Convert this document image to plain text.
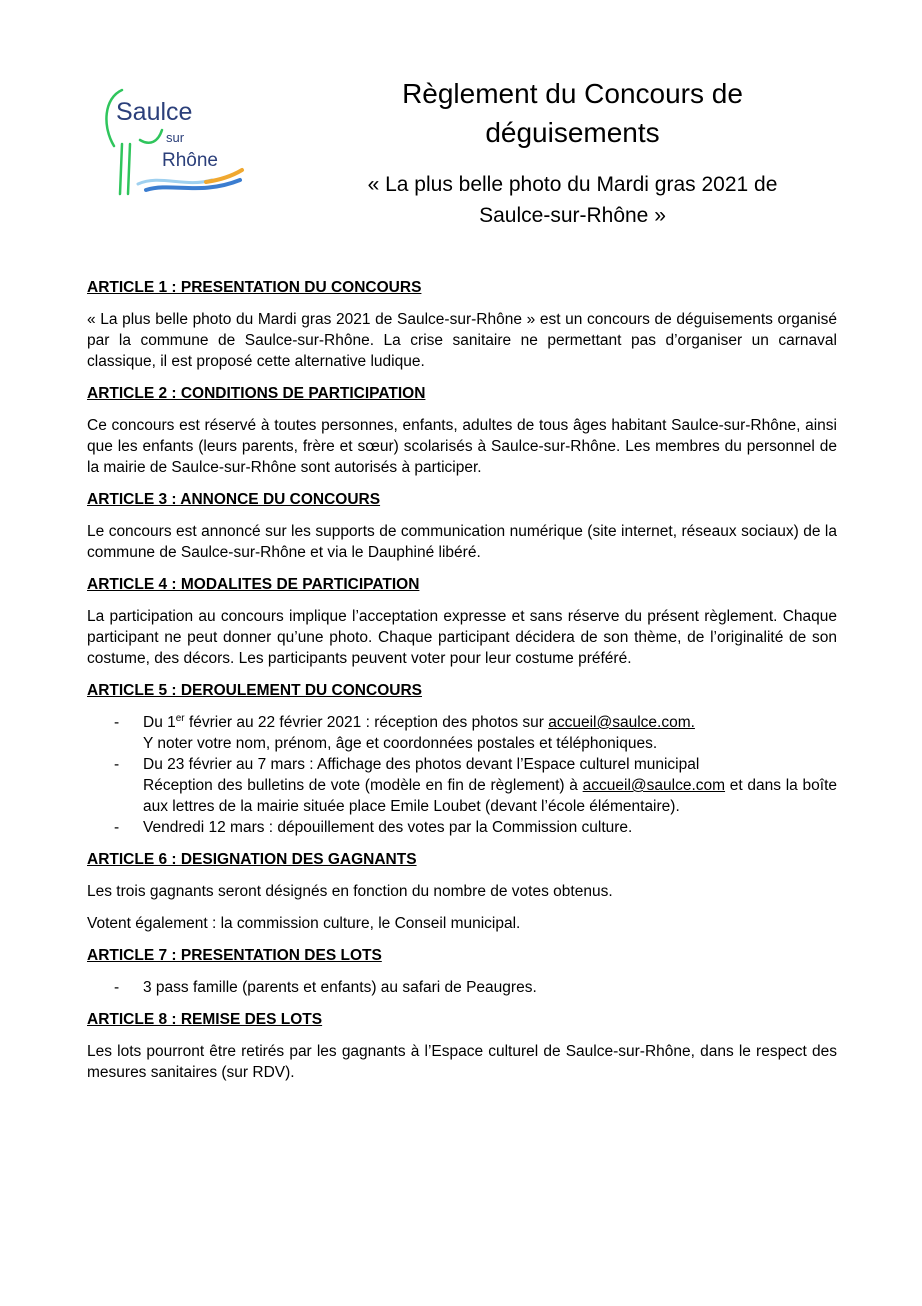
Saulce
sur
Rhône
Règlement du Concours de
déguisements
« La plus belle photo du Mardi gras 2021 de
Saulce-sur-Rhône »
ARTICLE 1 : PRESENTATION DU CONCOURS

« La plus belle photo du Mardi gras 2021 de Saulce-sur-Rhône » est un concours de déguisements organisé par la commune de Saulce-sur-Rhône. La crise sanitaire ne permettant pas d’organiser un carnaval classique, il est proposé cette alternative ludique.

ARTICLE 2 : CONDITIONS DE PARTICIPATION

Ce concours est réservé à toutes personnes, enfants, adultes de tous âges habitant Saulce-sur-Rhône, ainsi que les enfants (leurs parents, frère et sœur) scolarisés à Saulce-sur-Rhône. Les membres du personnel de la mairie de Saulce-sur-Rhône sont autorisés à participer.

ARTICLE 3 : ANNONCE DU CONCOURS

Le concours est annoncé sur les supports de communication numérique (site internet, réseaux sociaux) de la commune de Saulce-sur-Rhône et via le Dauphiné libéré.

ARTICLE 4 : MODALITES DE PARTICIPATION

La participation au concours implique l’acceptation expresse et sans réserve du présent règlement. Chaque participant ne peut donner qu’une photo. Chaque participant décidera de son thème, de l’originalité de son costume, des décors. Les participants peuvent voter pour leur costume préféré.

ARTICLE 5 : DEROULEMENT DU CONCOURS
- Du 1er février au 22 février 2021 : réception des photos sur accueil@saulce.com.
Y noter votre nom, prénom, âge et coordonnées postales et téléphoniques.
- Du 23 février au 7 mars : Affichage des photos devant l’Espace culturel municipal
Réception des bulletins de vote (modèle en fin de règlement) à accueil@saulce.com et dans la boîte aux lettres de la mairie située place Emile Loubet (devant l’école élémentaire).
- Vendredi 12 mars : dépouillement des votes par la Commission culture.
ARTICLE 6 : DESIGNATION DES GAGNANTS

Les trois gagnants seront désignés en fonction du nombre de votes obtenus.

Votent également : la commission culture, le Conseil municipal.

ARTICLE 7 : PRESENTATION DES LOTS
- 3 pass famille (parents et enfants) au safari de Peaugres.
ARTICLE 8 : REMISE DES LOTS

Les lots pourront être retirés par les gagnants à l’Espace culturel de Saulce-sur-Rhône, dans le respect des mesures sanitaires (sur RDV).
